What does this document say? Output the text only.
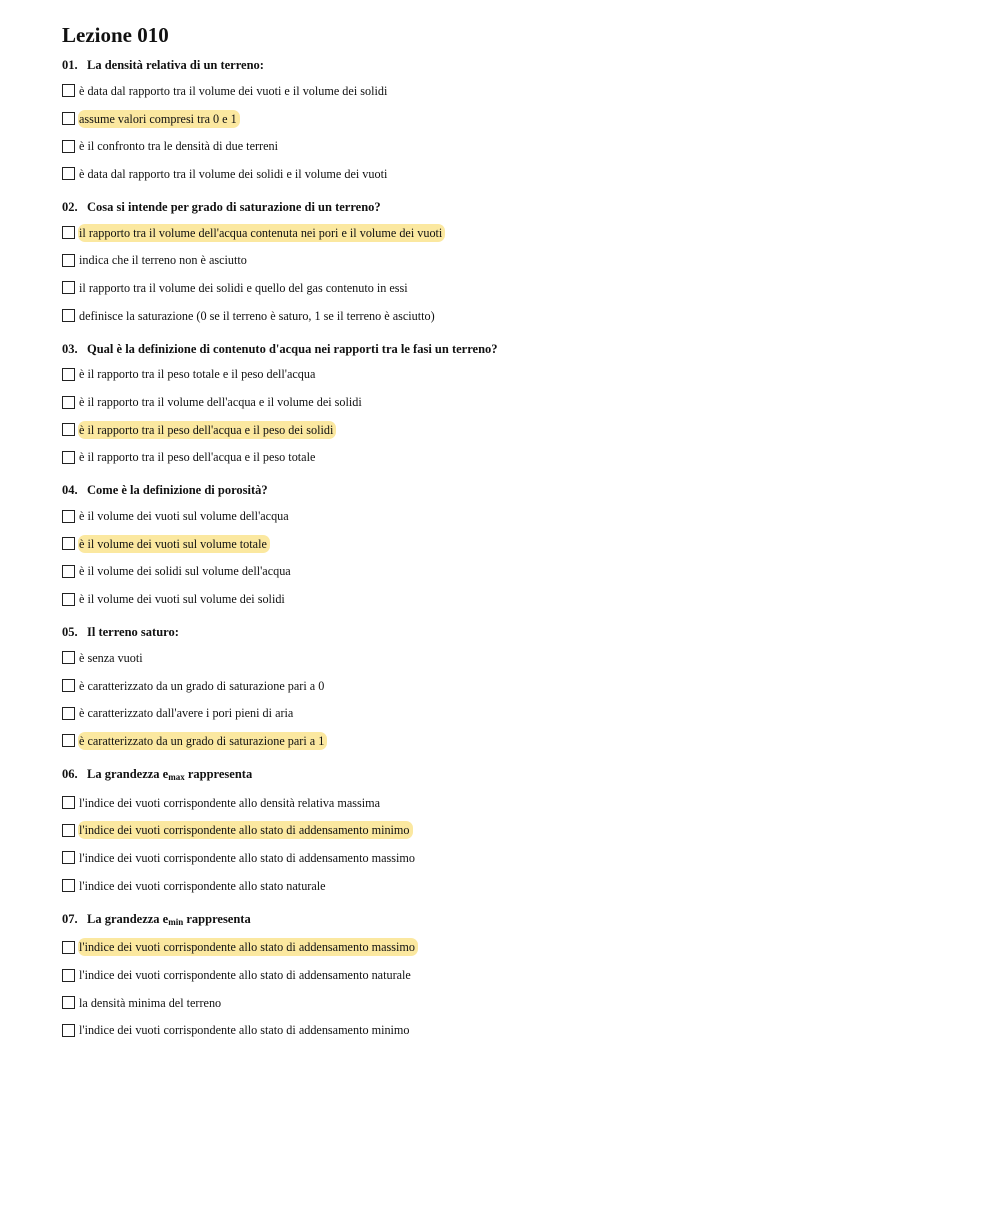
Lezione 010
01. La densità relativa di un terreno:
è data dal rapporto tra il volume dei vuoti e il volume dei solidi
assume valori compresi tra 0 e 1
è il confronto tra le densità di due terreni
è data dal rapporto tra il volume dei solidi e il volume dei vuoti
02. Cosa si intende per grado di saturazione di un terreno?
il rapporto tra il volume dell'acqua contenuta nei pori e il volume dei vuoti
indica che il terreno non è asciutto
il rapporto tra il volume dei solidi e quello del gas contenuto in essi
definisce la saturazione (0 se il terreno è saturo, 1 se il terreno è asciutto)
03. Qual è la definizione di contenuto d'acqua nei rapporti tra le fasi un terreno?
è il rapporto tra il peso totale e il peso dell'acqua
è il rapporto tra il volume dell'acqua e il volume dei solidi
è il rapporto tra il peso dell'acqua e il peso dei solidi
è il rapporto tra il peso dell'acqua e il peso totale
04. Come è la definizione di porosità?
è il volume dei vuoti sul volume dell'acqua
è il volume dei vuoti sul volume totale
è il volume dei solidi sul volume dell'acqua
è il volume dei vuoti sul volume dei solidi
05. Il terreno saturo:
è senza vuoti
è caratterizzato da un grado di saturazione pari a 0
è caratterizzato dall'avere i pori pieni di aria
è caratterizzato da un grado di saturazione pari a 1
06. La grandezza $e_{max}$ rappresenta
l'indice dei vuoti corrispondente allo densità relativa massima
l'indice dei vuoti corrispondente allo stato di addensamento minimo
l'indice dei vuoti corrispondente allo stato di addensamento massimo
l'indice dei vuoti corrispondente allo stato naturale
07. La grandezza $e_{min}$ rappresenta
l'indice dei vuoti corrispondente allo stato di addensamento massimo
l'indice dei vuoti corrispondente allo stato di addensamento naturale
la densità minima del terreno
l'indice dei vuoti corrispondente allo stato di addensamento minimo
